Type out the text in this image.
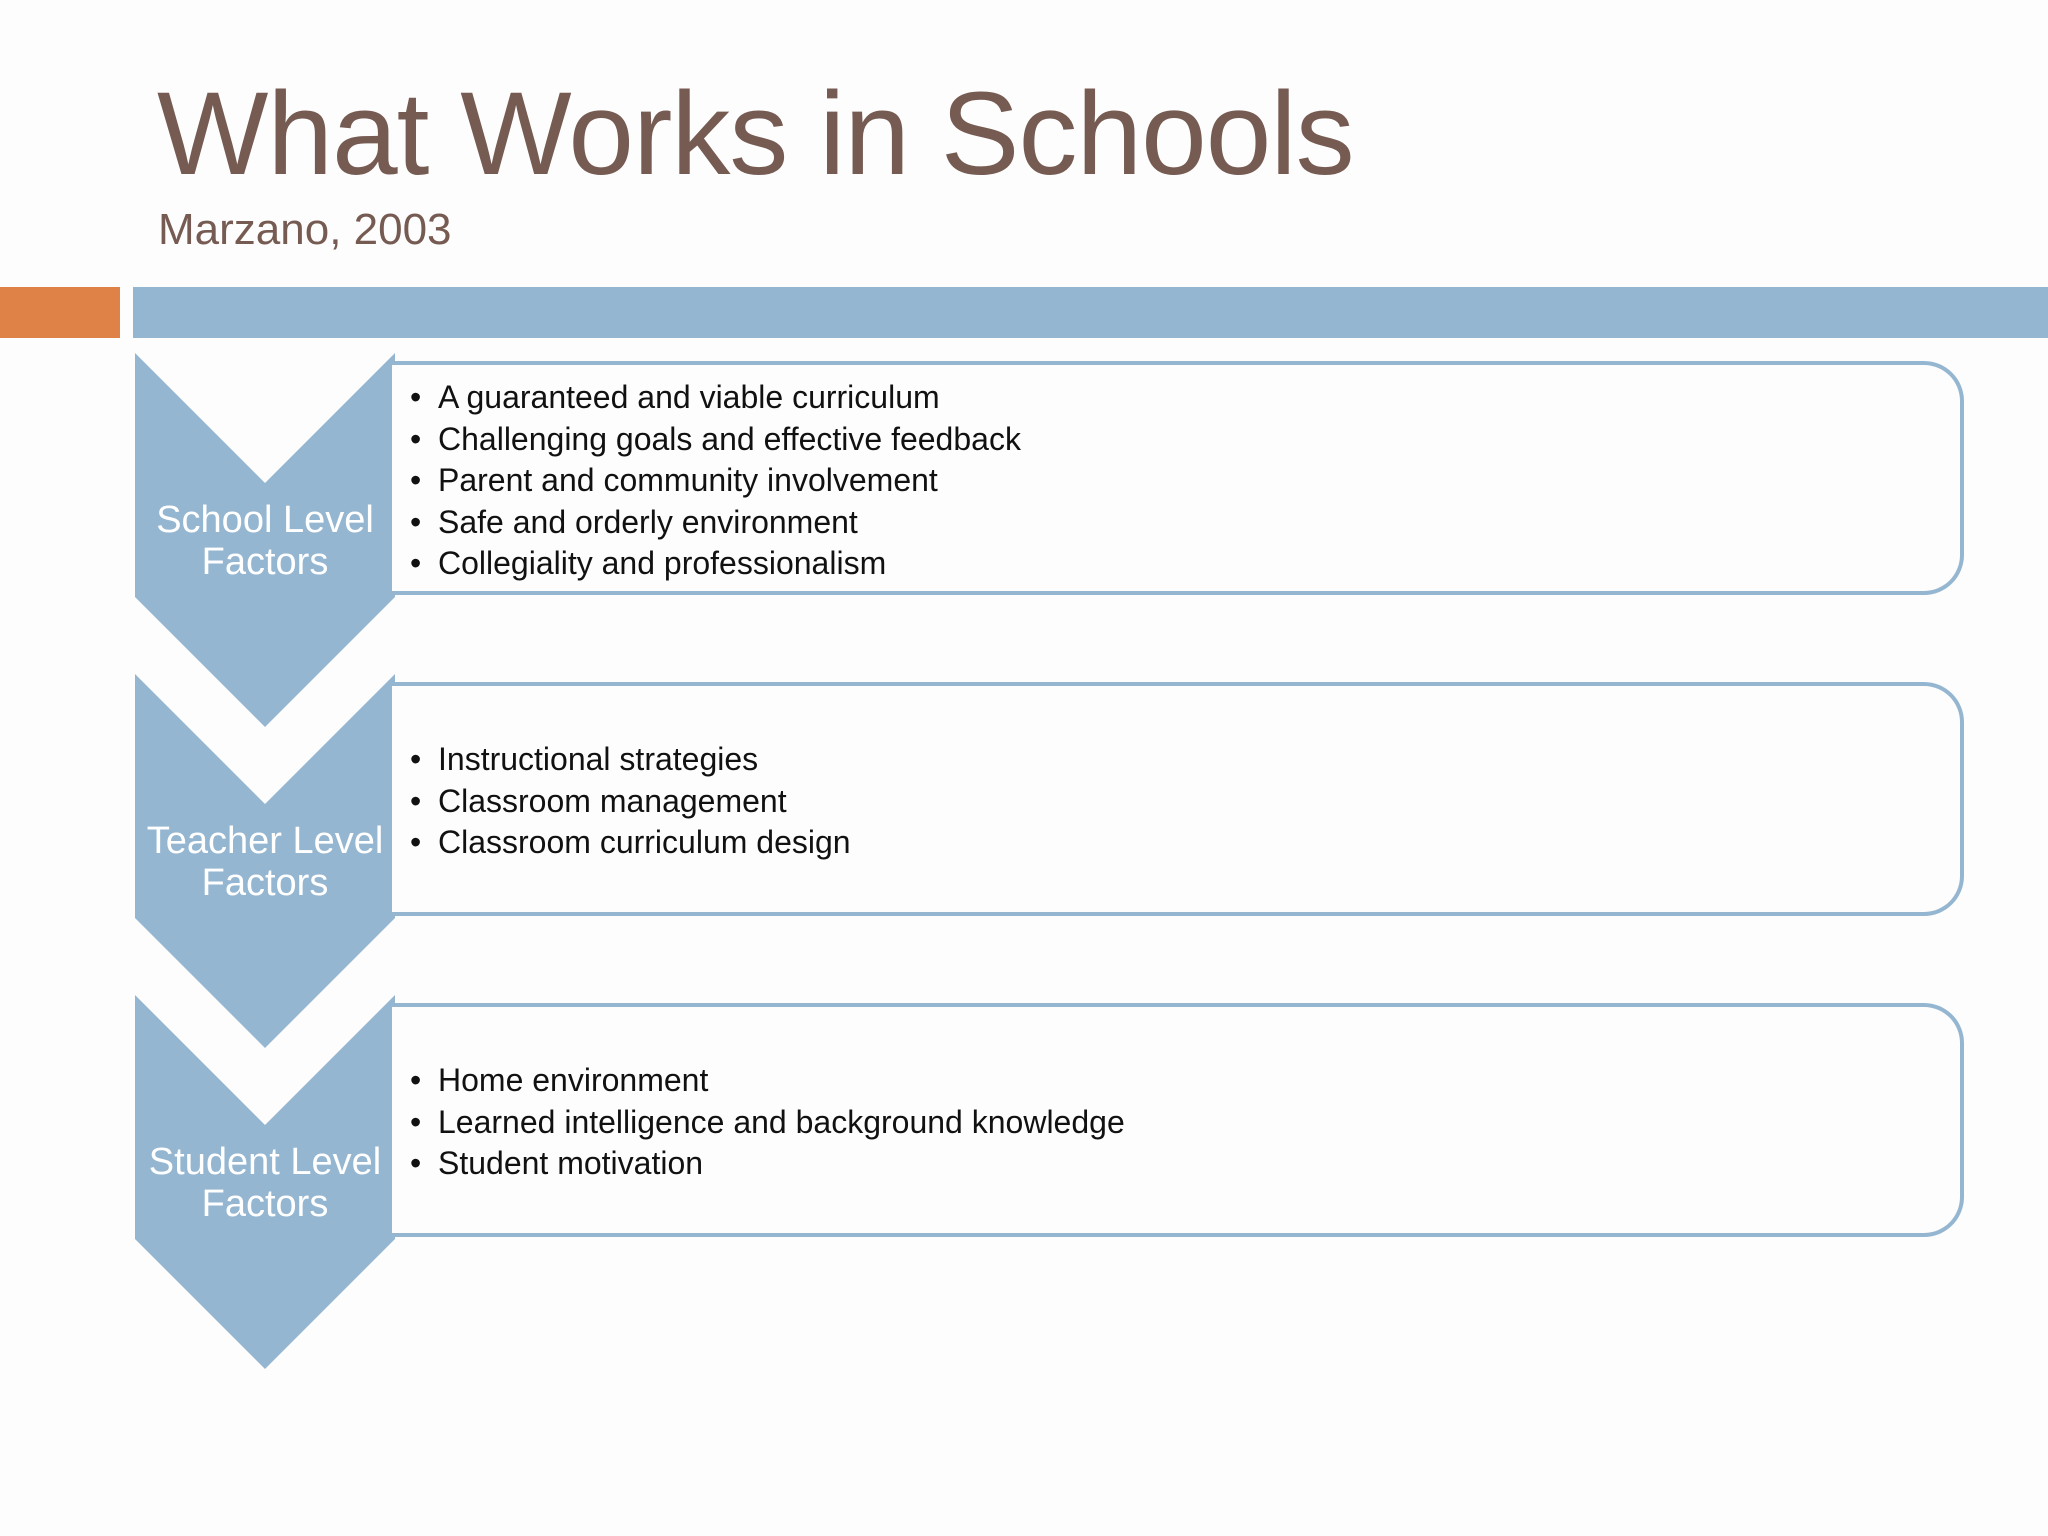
What Works in Schools
Marzano, 2003
School Level
Factors
• A guaranteed and viable curriculum
• Challenging goals and effective feedback
• Parent and community involvement
• Safe and orderly environment
• Collegiality and professionalism
Teacher Level
Factors
• Instructional strategies
• Classroom management
• Classroom curriculum design
Student Level
Factors
• Home environment
• Learned intelligence and background knowledge
• Student motivation
